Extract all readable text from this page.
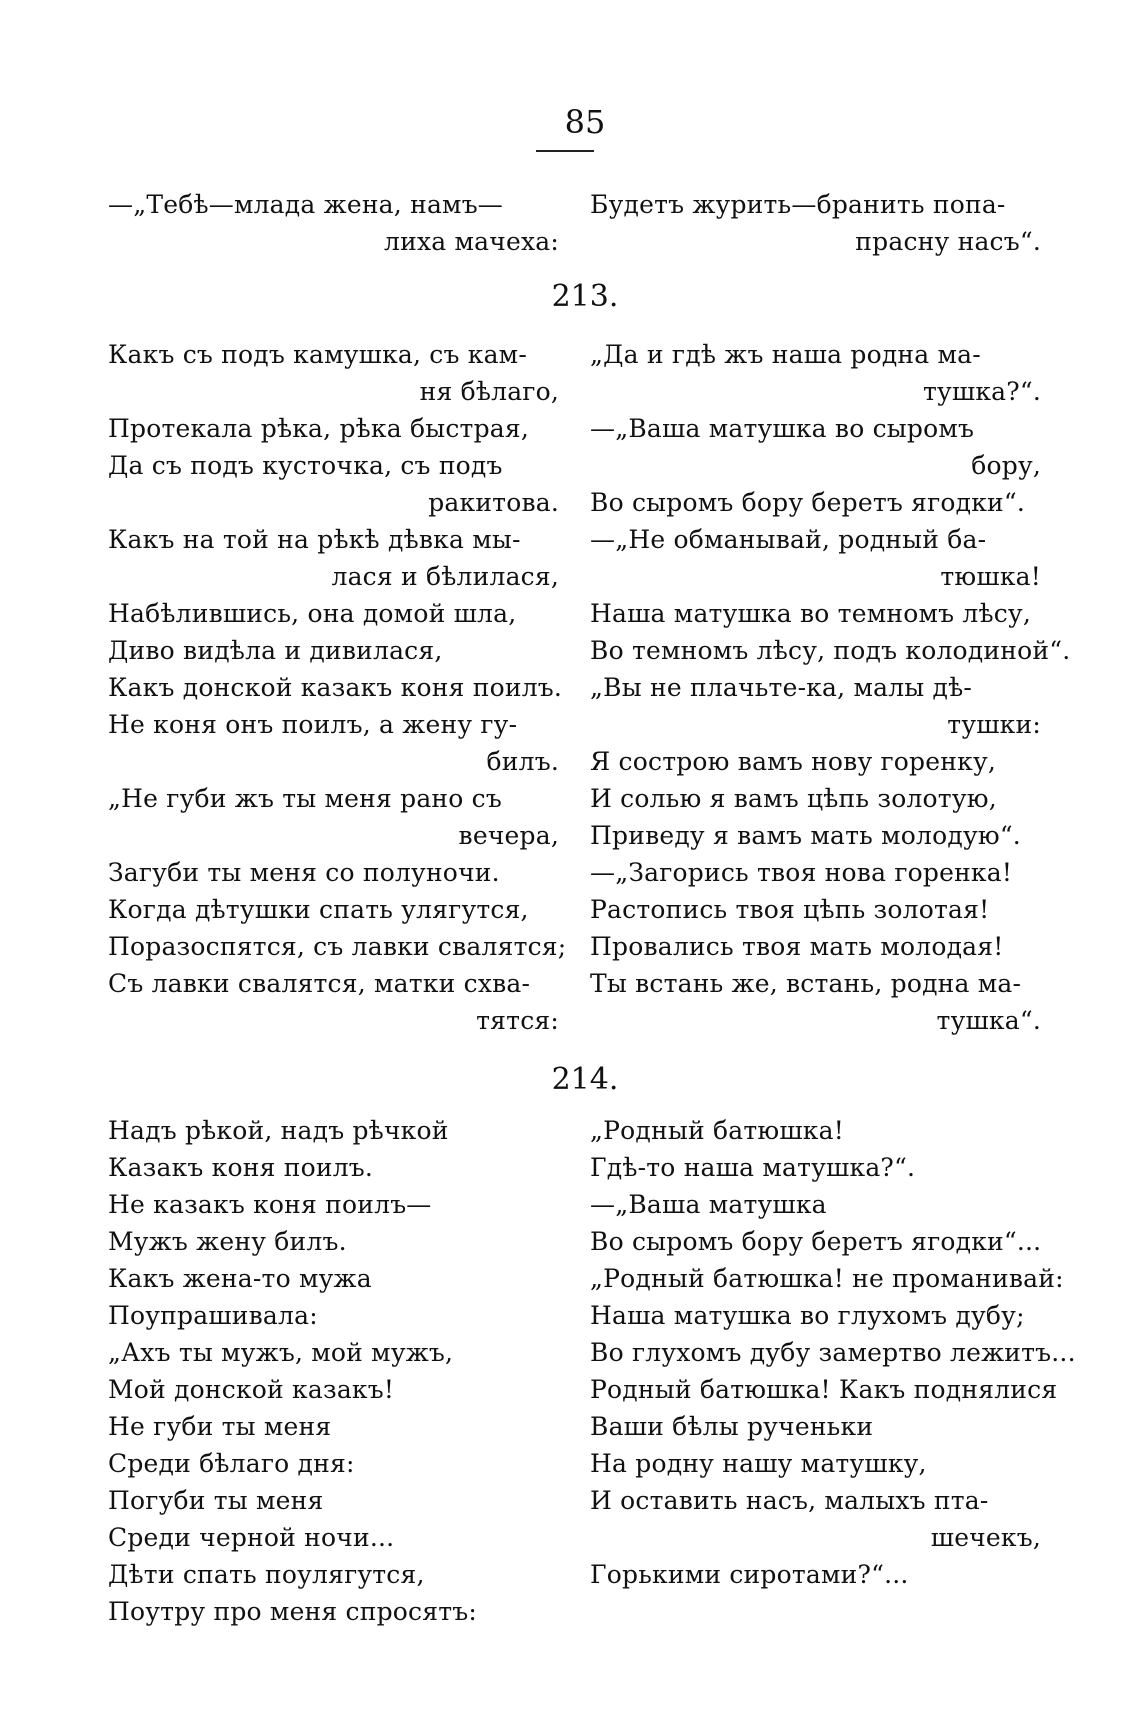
85
—„Тебѣ—млада жена, намъ—
лиха мачеха:
Будетъ журить—бранить попа-
прасну насъ“.
213.
Какъ съ подъ камушка, съ кам-
ня бѣлаго,
Протекала рѣка, рѣка быстрая,
Да съ подъ кусточка, съ подъ
ракитова.
Какъ на той на рѣкѣ дѣвка мы-
лася и бѣлилася,
Набѣлившись, она домой шла,
Диво видѣла и дивилася,
Какъ донской казакъ коня поилъ.
Не коня онъ поилъ, а жену гу-
билъ.
„Не губи жъ ты меня рано съ
вечера,
Загуби ты меня со полуночи.
Когда дѣтушки спать улягутся,
Поразоспятся, съ лавки свалятся;
Съ лавки свалятся, матки схва-
тятся:
„Да и гдѣ жъ наша родна ма-
тушка?“.
—„Ваша матушка во сыромъ
бору,
Во сыромъ бору беретъ ягодки“.
—„Не обманывай, родный ба-
тюшка!
Наша матушка во темномъ лѣсу,
Во темномъ лѣсу, подъ колодиной“.
„Вы не плачьте-ка, малы дѣ-
тушки:
Я сострою вамъ нову горенку,
И солью я вамъ цѣпь золотую,
Приведу я вамъ мать молодую“.
—„Загорись твоя нова горенка!
Растопись твоя цѣпь золотая!
Провались твоя мать молодая!
Ты встань же, встань, родна ма-
тушка“.
214.
Надъ рѣкой, надъ рѣчкой
Казакъ коня поилъ.
Не казакъ коня поилъ—
Мужъ жену билъ.
Какъ жена-то мужа
Поупрашивала:
„Ахъ ты мужъ, мой мужъ,
Мой донской казакъ!
Не губи ты меня
Среди бѣлаго дня:
Погуби ты меня
Среди черной ночи...
Дѣти спать поулягутся,
Поутру про меня спросятъ:
„Родный батюшка!
Гдѣ-то наша матушка?“.
—„Ваша матушка
Во сыромъ бору беретъ ягодки“...
„Родный батюшка! не проманивай:
Наша матушка во глухомъ дубу;
Во глухомъ дубу замертво лежитъ...
Родный батюшка! Какъ поднялися
Ваши бѣлы рученьки
На родну нашу матушку,
И оставить насъ, малыхъ пта-
шечекъ,
Горькими сиротами?“...
